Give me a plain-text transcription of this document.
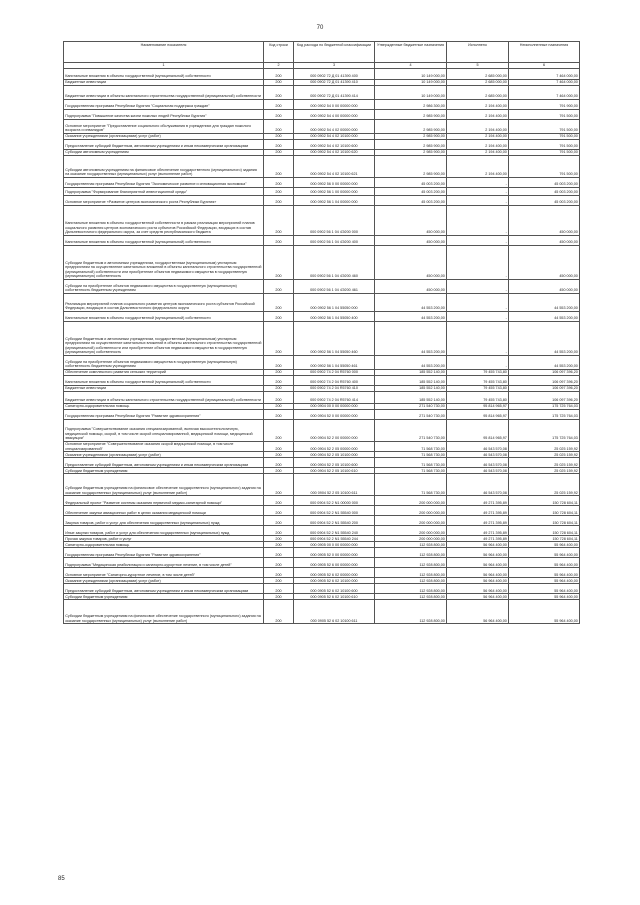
70
Наименование показателя	Код строки	Код расхода по бюджетной классификации	Утвержденные бюджетные назначения	Исполнено	Неисполненные назначения
1	2	3	4	5	6
Капитальные вложения в объекты государственной (муниципальной) собственности	200	000 0902 72 Д 01 41390 400	10 149 000,00	2 685 000,00	7 464 000,00
Бюджетные инвестиции	200	000 0902 72 Д 01 41390 410	10 149 000,00	2 685 000,00	7 464 000,00
Бюджетные инвестиции в объекты капитального строительства государственной (муниципальной) собственности	200	000 0902 72 Д 01 41390 414	10 149 000,00	2 685 000,00	7 464 000,00
Государственная программа Республики Бурятия "Социальная поддержка граждан"	200	000 0902 54 0 00 00000 000	2 986 300,00	2 194 400,00	791 900,00
Подпрограмма "Повышение качества жизни пожилых людей Республики Бурятия"	200	000 0902 54 4 00 00000 000	2 985 900,00	2 194 400,00	791 500,00
Основное мероприятие "Предоставление социального обслуживания в учреждениях для граждан пожилого возраста и инвалидов"	200	000 0902 54 4 02 00000 000	2 985 900,00	2 194 400,00	791 500,00
Оказание учреждениями (организациями) услуг (работ)	200	000 0902 54 4 02 10100 000	2 985 900,00	2 194 400,00	791 500,00
Предоставление субсидий бюджетным, автономным учреждениям и иным некоммерческим организациям	200	000 0902 54 4 02 10100 600	2 985 900,00	2 194 400,00	791 500,00
Субсидии автономным учреждениям	200	000 0902 54 4 02 10100 620	2 985 900,00	2 194 400,00	791 500,00
Субсидии автономным учреждениям на финансовое обеспечение государственного (муниципального) задания на оказание государственных (муниципальных) услуг (выполнение работ)	200	000 0902 54 4 02 10100 621	2 985 900,00	2 194 400,00	791 500,00
Государственная программа Республики Бурятия "Экономическое развитие и инновационная экономика"	200	000 0902 56 0 00 00000 000	45 003 200,00	-	45 003 200,00
Подпрограмма "Формирование благоприятной инвестиционной среды"	200	000 0902 56 1 00 00000 000	45 003 200,00	-	45 003 200,00
Основное мероприятие «Развитие центров экономического роста Республики Бурятия»	200	000 0902 56 1 04 00000 000	45 003 200,00	-	45 003 200,00
Капитальные вложения в объекты государственной собственности в рамках реализации мероприятий планов социального развития центров экономического роста субъектов Российской Федерации, входящих в состав Дальневосточного федерального округа, за счет средств республиканского бюджета	200	000 0902 56 1 04 4Э200 000	450 000,00	-	450 000,00
Капитальные вложения в объекты государственной (муниципальной) собственности	200	000 0902 56 1 04 4Э200 400	450 000,00	-	450 000,00
Субсидии бюджетным и автономным учреждениям, государственным (муниципальным) унитарным предприятиям на осуществление капитальных вложений в объекты капитального строительства государственной (муниципальной) собственности или приобретение объектов недвижимого имущества в государственную (муниципальную) собственность	200	000 0902 56 1 04 4Э200 460	450 000,00	-	450 000,00
Субсидии на приобретение объектов недвижимого имущества в государственную (муниципальную) собственность бюджетным учреждениям	200	000 0902 56 1 04 4Э200 461	450 000,00	-	450 000,00
Реализация мероприятий планов социального развития центров экономического роста субъектов Российской Федерации, входящих в состав Дальневосточного федерального округа	200	000 0902 56 1 04 55050 000	44 553 200,00	-	44 553 200,00
Капитальные вложения в объекты государственной (муниципальной) собственности	200	000 0902 56 1 04 55050 400	44 553 200,00	-	44 553 200,00
Субсидии бюджетным и автономным учреждениям, государственным (муниципальным) унитарным предприятиям на осуществление капитальных вложений в объекты капитального строительства государственной (муниципальной) собственности или приобретение объектов недвижимого имущества в государственную (муниципальную) собственность	200	000 0902 56 1 04 55050 460	44 553 200,00	-	44 553 200,00
Субсидии на приобретение объектов недвижимого имущества в государственную (муниципальную) собственность бюджетным учреждениям	200	000 0902 56 1 04 55050 461	44 553 200,00	-	44 553 200,00
Обеспечение комплексного развития сельских территорий	200	000 0902 74 2 04 R5760 000	185 552 140,00	79 455 743,80	106 097 396,20
Капитальные вложения в объекты государственной (муниципальной) собственности	200	000 0902 74 2 04 R5760 400	185 552 140,00	79 455 743,80	106 097 396,20
Бюджетные инвестиции	200	000 0902 74 2 04 R5760 410	185 552 140,00	79 455 743,80	106 097 396,20
Бюджетные инвестиции в объекты капитального строительства государственной (муниципальной) собственности	200	000 0902 74 2 04 R5760 414	185 552 140,00	79 455 743,80	106 097 396,20
Санаторно-оздоровительная помощь	200	000 0904 00 0 00 00000 000	271 540 730,00	95 814 965,97	175 725 764,03
Государственная программа Республики Бурятия "Развитие здравоохранения"	200	000 0904 52 0 00 00000 000	271 540 730,00	95 814 965,97	175 725 764,03
Подпрограмма "Совершенствование оказания специализированной, включая высокотехнологичную, медицинской помощи, скорой, в том числе скорой специализированной, медицинской помощи, медицинской эвакуации"	200	000 0904 52 2 00 00000 000	271 540 730,00	95 814 965,97	175 725 764,03
Основное мероприятие "Совершенствование оказания скорой медицинской помощи, в том числе специализированной"	200	000 0904 52 2 05 00000 000	71 568 730,00	46 543 570,08	25 025 159,92
Оказание учреждениями (организациями) услуг (работ)	200	000 0904 52 2 05 10100 000	71 568 730,00	46 543 570,08	25 025 159,92
Предоставление субсидий бюджетным, автономным учреждениям и иным некоммерческим организациям	200	000 0904 52 2 05 10100 600	71 568 730,00	46 543 570,08	25 025 159,92
Субсидии бюджетным учреждениям	200	000 0904 52 2 05 10100 610	71 568 730,00	46 543 570,08	25 025 159,92
Субсидии бюджетным учреждениям на финансовое обеспечение государственного (муниципального) задания на оказание государственных (муниципальных) услуг (выполнение работ)	200	000 0904 52 2 05 10100 611	71 568 730,00	46 543 570,08	25 025 159,92
Федеральный проект "Развитие системы оказания первичной медико-санитарной помощи"	200	000 0904 52 2 N1 00000 000	200 000 000,00	49 271 395,89	150 728 604,11
Обеспечение закупки авиационных работ в целях оказания медицинской помощи	200	000 0904 52 2 N1 55540 000	200 000 000,00	49 271 395,89	150 728 604,11
Закупка товаров, работ и услуг для обеспечения государственных (муниципальных) нужд	200	000 0904 52 2 N1 55540 200	200 000 000,00	49 271 395,89	150 728 604,11
Иные закупки товаров, работ и услуг для обеспечения государственных (муниципальных) нужд	200	000 0904 52 2 N1 55540 240	200 000 000,00	49 271 395,89	150 728 604,11
Прочая закупка товаров, работ и услуг	200	000 0904 52 2 N1 55540 244	200 000 000,00	49 271 395,89	150 728 604,11
Санаторно-оздоровительная помощь	200	000 0905 00 0 00 00000 000	112 928 800,00	56 964 400,00	55 964 400,00
Государственная программа Республики Бурятия "Развитие здравоохранения"	200	000 0905 52 0 00 00000 000	112 928 800,00	56 964 400,00	55 964 400,00
Подпрограмма "Медицинская реабилитация и санаторно-курортное лечение, в том числе детей"	200	000 0905 52 6 00 00000 000	112 928 800,00	56 964 400,00	55 964 400,00
Основное мероприятие "Санаторно-курортное лечение, в том числе детей"	200	000 0905 52 6 02 00000 000	112 928 800,00	56 964 400,00	55 964 400,00
Оказание учреждениями (организациями) услуг (работ)	200	000 0905 52 6 02 10100 000	112 928 800,00	56 964 400,00	55 964 400,00
Предоставление субсидий бюджетным, автономным учреждениям и иным некоммерческим организациям	200	000 0905 52 6 02 10100 600	112 928 800,00	56 964 400,00	55 964 400,00
Субсидии бюджетным учреждениям	200	000 0905 52 6 02 10100 610	112 928 800,00	56 964 400,00	55 964 400,00
Субсидии бюджетным учреждениям на финансовое обеспечение государственного (муниципального) задания на оказание государственных (муниципальных) услуг (выполнение работ)	200	000 0905 52 6 02 10100 611	112 928 800,00	56 964 400,00	55 964 400,00
85
